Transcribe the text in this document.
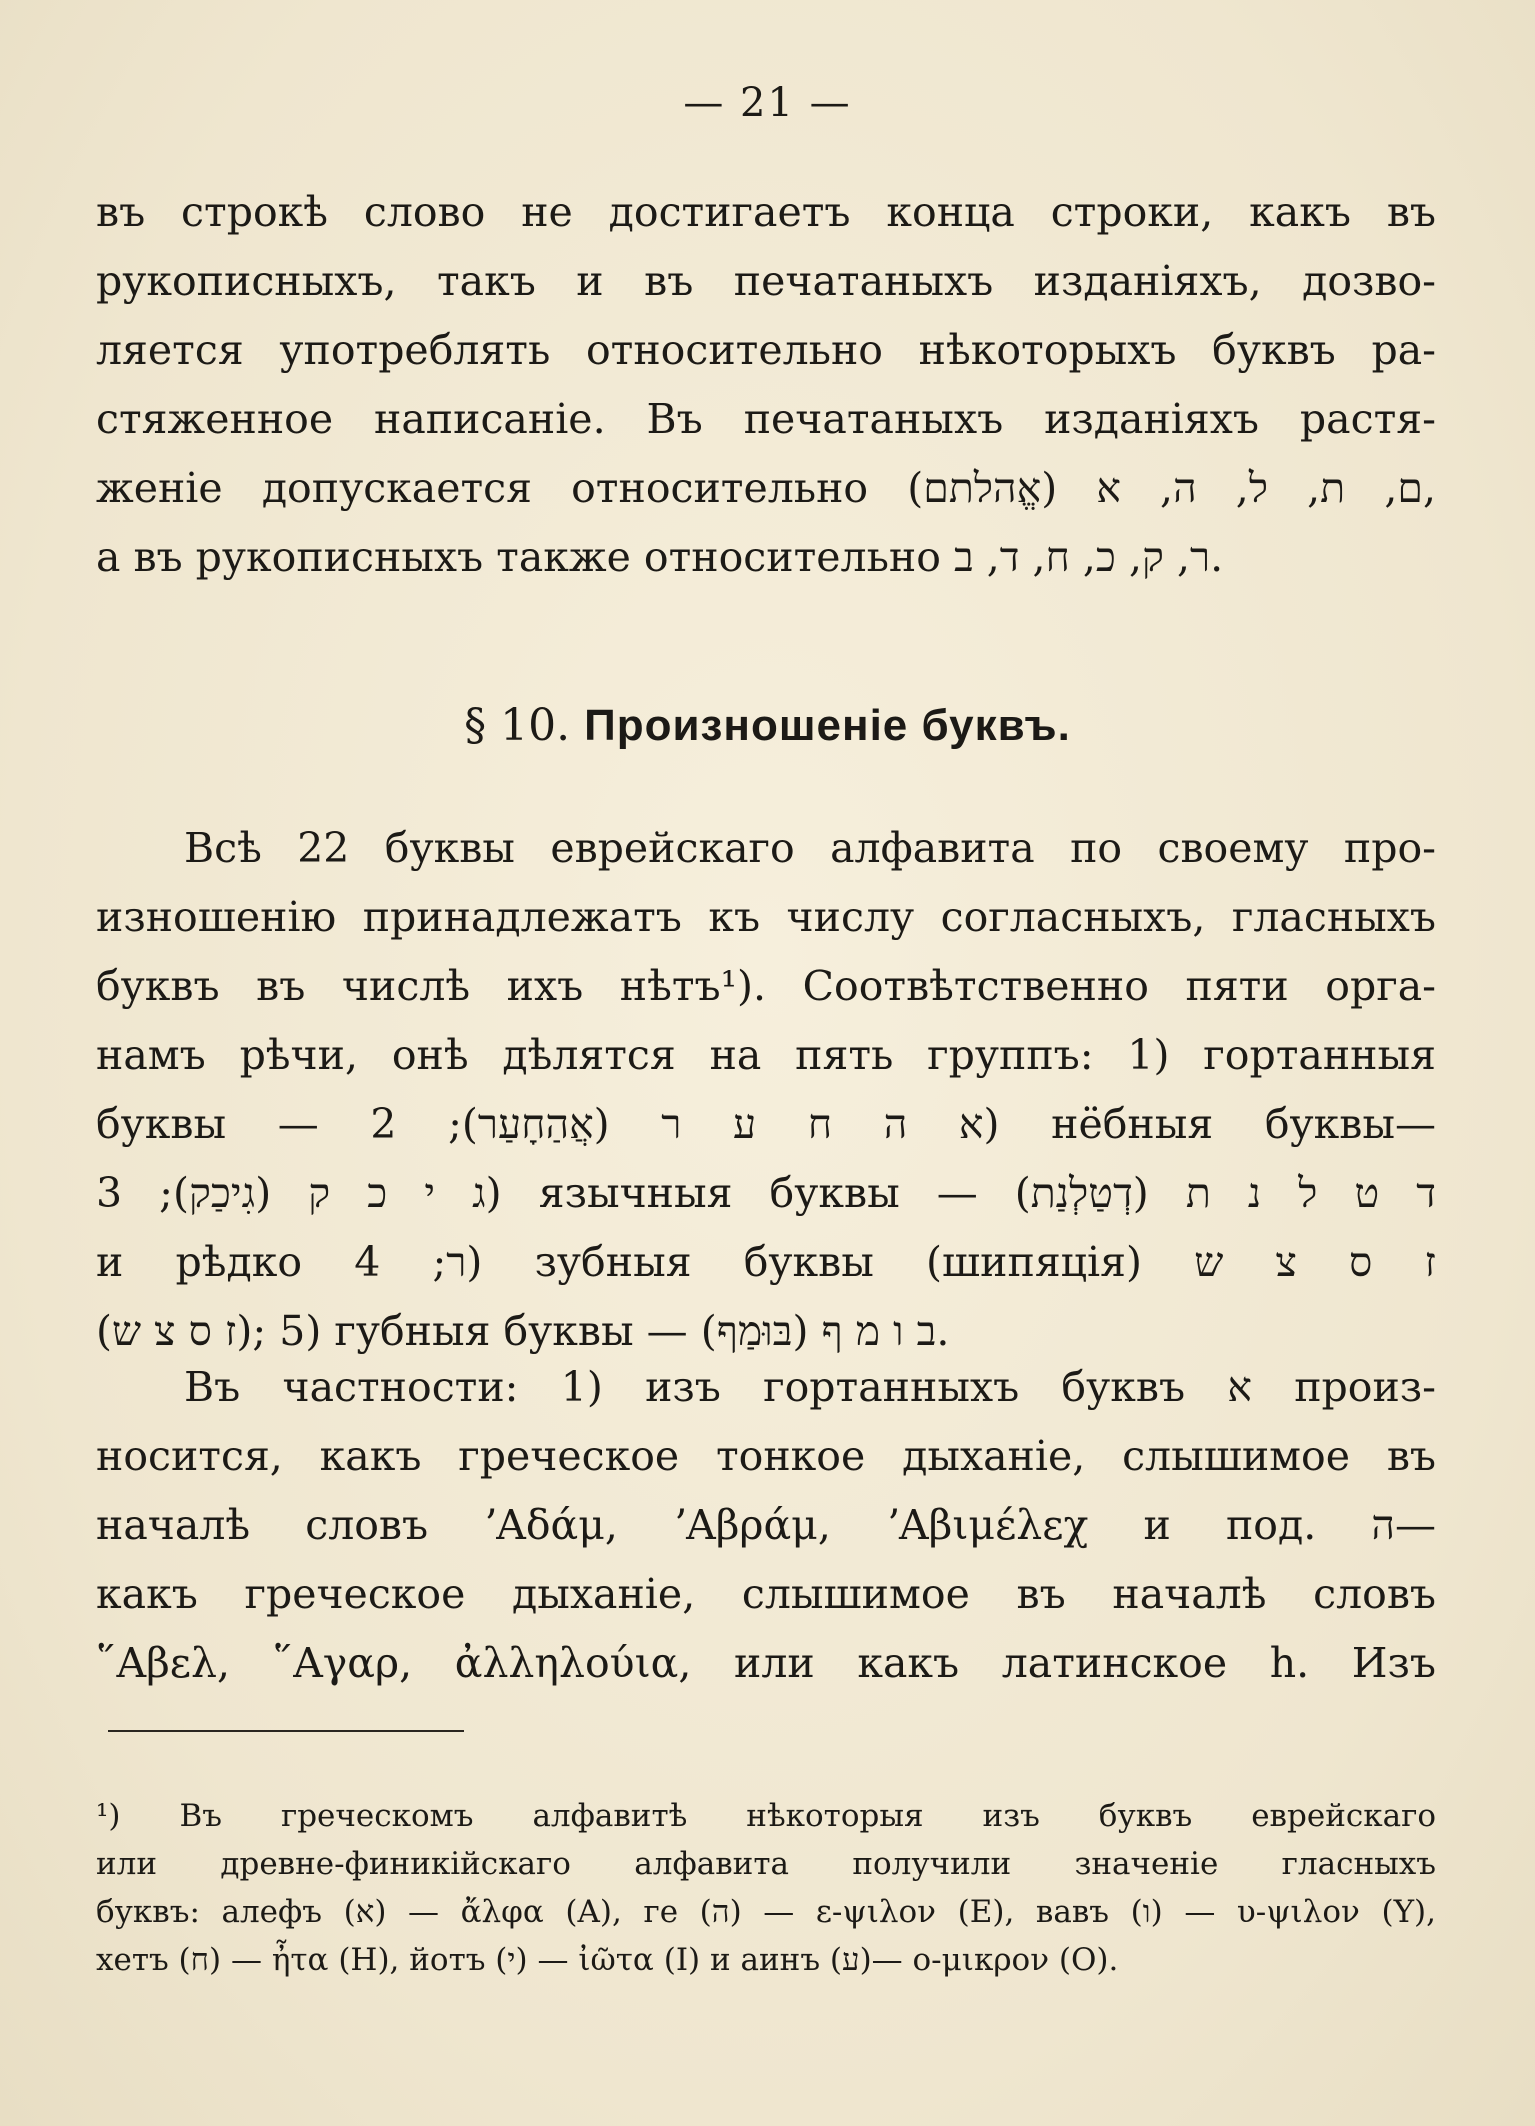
— 21 —
въ строкѣ слово не достигаетъ конца строки, какъ въ
рукописныхъ, такъ и въ печатаныхъ изданіяхъ, дозво-
ляется употреблять относительно нѣкоторыхъ буквъ ра-
стяженное написаніе. Въ печатаныхъ изданіяхъ растя-
женіе допускается относительно ם, ת, ל, ה, א (אֱהלתם),
а въ рукописныхъ также относительно ר, ק, כ, ח, ד, ב.
§ 10. Произношеніе буквъ.
Всѣ 22 буквы еврейскаго алфавита по своему про-
изношенію принадлежатъ къ числу согласныхъ, гласныхъ
буквъ въ числѣ ихъ нѣтъ¹). Соотвѣтственно пяти орга-
намъ рѣчи, онѣ дѣлятся на пять группъ: 1) гортанныя
буквы — א ה ח ע ר (אֲהַחָעַר); 2) нёбныя буквы—
ג י כ ק (גִיכַק); 3) язычныя буквы — ד ט ל נ ת (דְטַלְנַת)
и рѣдко ר; 4) зубныя буквы (шипяція) ז ס צ ש
(ז ס צ ש); 5) губныя буквы — ב ו מ ף (בּוּמַף).
Въ частности: 1) изъ гортанныхъ буквъ א произ-
носится, какъ греческое тонкое дыханіе, слышимое въ
началѣ словъ ʼΑδάμ, ʼΑβράμ, ʼΑβιμέλεχ и под. ה—
какъ греческое дыханіе, слышимое въ началѣ словъ
῞Αβελ, ῞Αγαρ, ἀλληλούια, или какъ латинское h. Изъ
¹) Въ греческомъ алфавитѣ нѣкоторыя изъ буквъ еврейскаго
или древне-финикійскаго алфавита получили значеніе гласныхъ
буквъ: алефъ (א) — ἄλφα (Α), ге (ה) — ε-ψιλον (Ε), вавъ (ו) — υ-ψιλον (Υ),
хетъ (ח) — ἦτα (Η), йотъ (י) — ἰῶτα (Ι) и аинъ (ע)— ο-μικρον (Ο).
